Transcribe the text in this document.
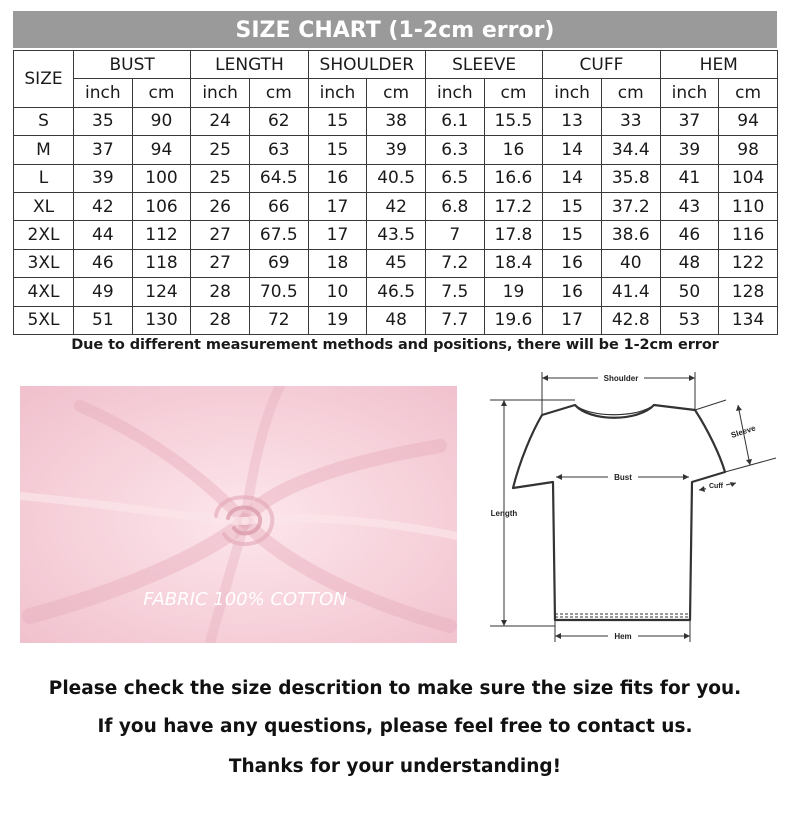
SIZE CHART (1-2cm error)
SIZE	BUST		LENGTH		SHOULDER		SLEEVE		CUFF		HEM	
	inch	cm	inch	cm	inch	cm	inch	cm	inch	cm	inch	cm
S	35	90	24	62	15	38	6.1	15.5	13	33	37	94
M	37	94	25	63	15	39	6.3	16	14	34.4	39	98
L	39	100	25	64.5	16	40.5	6.5	16.6	14	35.8	41	104
XL	42	106	26	66	17	42	6.8	17.2	15	37.2	43	110
2XL	44	112	27	67.5	17	43.5	7	17.8	15	38.6	46	116
3XL	46	118	27	69	18	45	7.2	18.4	16	40	48	122
4XL	49	124	28	70.5	10	46.5	7.5	19	16	41.4	50	128
5XL	51	130	28	72	19	48	7.7	19.6	17	42.8	53	134
Due to different measurement methods and positions, there will be 1-2cm error
FABRIC 100% COTTON
Shoulder
Length
Bust
Sleeve
Cuff
Hem
Please check the size descrition to make sure the size fits for you.
If you have any questions, please feel free to contact us.
Thanks for your understanding!
